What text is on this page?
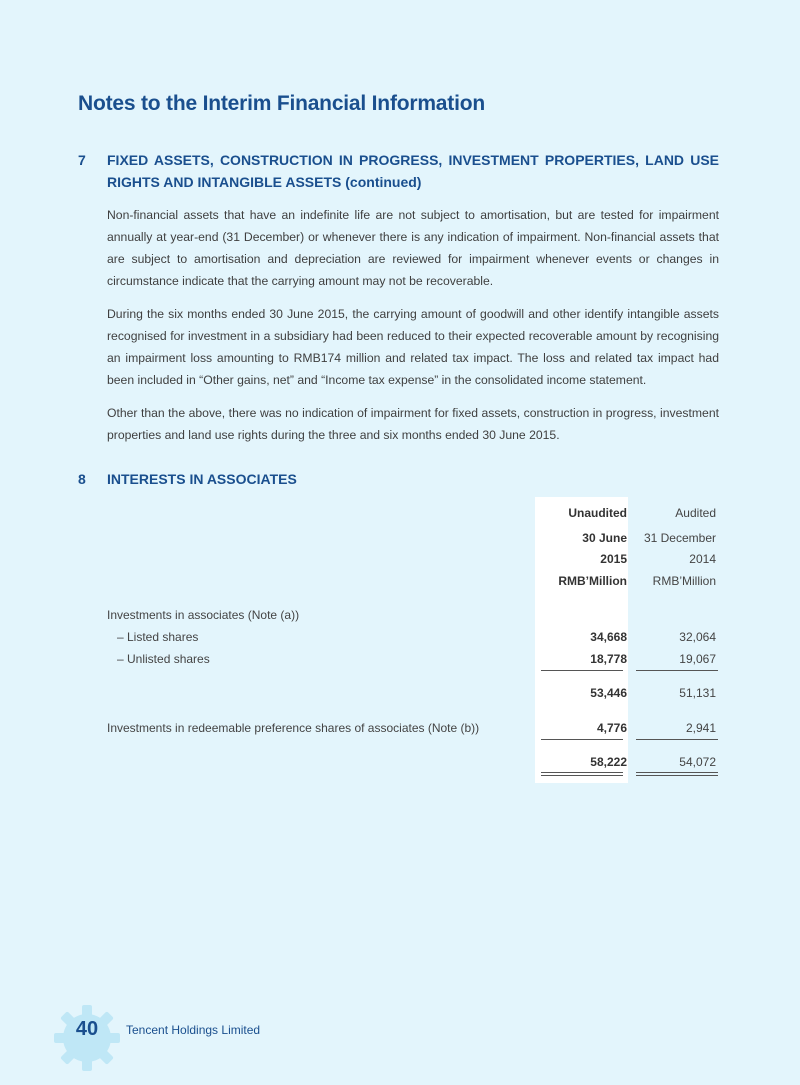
Notes to the Interim Financial Information
7 FIXED ASSETS, CONSTRUCTION IN PROGRESS, INVESTMENT PROPERTIES, LAND USE RIGHTS AND INTANGIBLE ASSETS (continued)

Non-financial assets that have an indefinite life are not subject to amortisation, but are tested for impairment annually at year-end (31 December) or whenever there is any indication of impairment. Non-financial assets that are subject to amortisation and depreciation are reviewed for impairment whenever events or changes in circumstance indicate that the carrying amount may not be recoverable.

During the six months ended 30 June 2015, the carrying amount of goodwill and other identify intangible assets recognised for investment in a subsidiary had been reduced to their expected recoverable amount by recognising an impairment loss amounting to RMB174 million and related tax impact. The loss and related tax impact had been included in “Other gains, net” and “Income tax expense” in the consolidated income statement.

Other than the above, there was no indication of impairment for fixed assets, construction in progress, investment properties and land use rights during the three and six months ended 30 June 2015.

8 INTERESTS IN ASSOCIATES
Unaudited	Audited
30 June 31 December
2015	2014
RMB’Million RMB’Million
Investments in associates (Note (a))
– Listed shares	34,668	32,064
– Unlisted shares	18,778	19,067
53,446	51,131
Investments in redeemable preference shares of associates (Note (b))	4,776	2,941
58,222	54,072
40	Tencent Holdings Limited
